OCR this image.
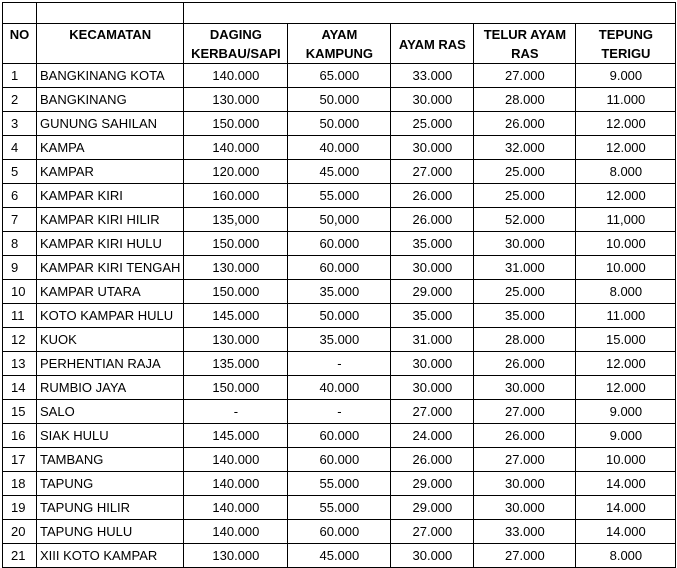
NO	KECAMATAN	DAGING KERBAU/SAPI	AYAM KAMPUNG	AYAM RAS	TELUR AYAM RAS	TEPUNG TERIGU
1	BANGKINANG KOTA	140.000	65.000	33.000	27.000	9.000
2	BANGKINANG	130.000	50.000	30.000	28.000	11.000
3	GUNUNG SAHILAN	150.000	50.000	25.000	26.000	12.000
4	KAMPA	140.000	40.000	30.000	32.000	12.000
5	KAMPAR	120.000	45.000	27.000	25.000	8.000
6	KAMPAR KIRI	160.000	55.000	26.000	25.000	12.000
7	KAMPAR KIRI HILIR	135,000	50,000	26.000	52.000	11,000
8	KAMPAR KIRI HULU	150.000	60.000	35.000	30.000	10.000
9	KAMPAR KIRI TENGAH	130.000	60.000	30.000	31.000	10.000
10	KAMPAR UTARA	150.000	35.000	29.000	25.000	8.000
11	KOTO KAMPAR HULU	145.000	50.000	35.000	35.000	11.000
12	KUOK	130.000	35.000	31.000	28.000	15.000
13	PERHENTIAN RAJA	135.000	-	30.000	26.000	12.000
14	RUMBIO JAYA	150.000	40.000	30.000	30.000	12.000
15	SALO	-	-	27.000	27.000	9.000
16	SIAK HULU	145.000	60.000	24.000	26.000	9.000
17	TAMBANG	140.000	60.000	26.000	27.000	10.000
18	TAPUNG	140.000	55.000	29.000	30.000	14.000
19	TAPUNG HILIR	140.000	55.000	29.000	30.000	14.000
20	TAPUNG HULU	140.000	60.000	27.000	33.000	14.000
21	XIII KOTO KAMPAR	130.000	45.000	30.000	27.000	8.000
